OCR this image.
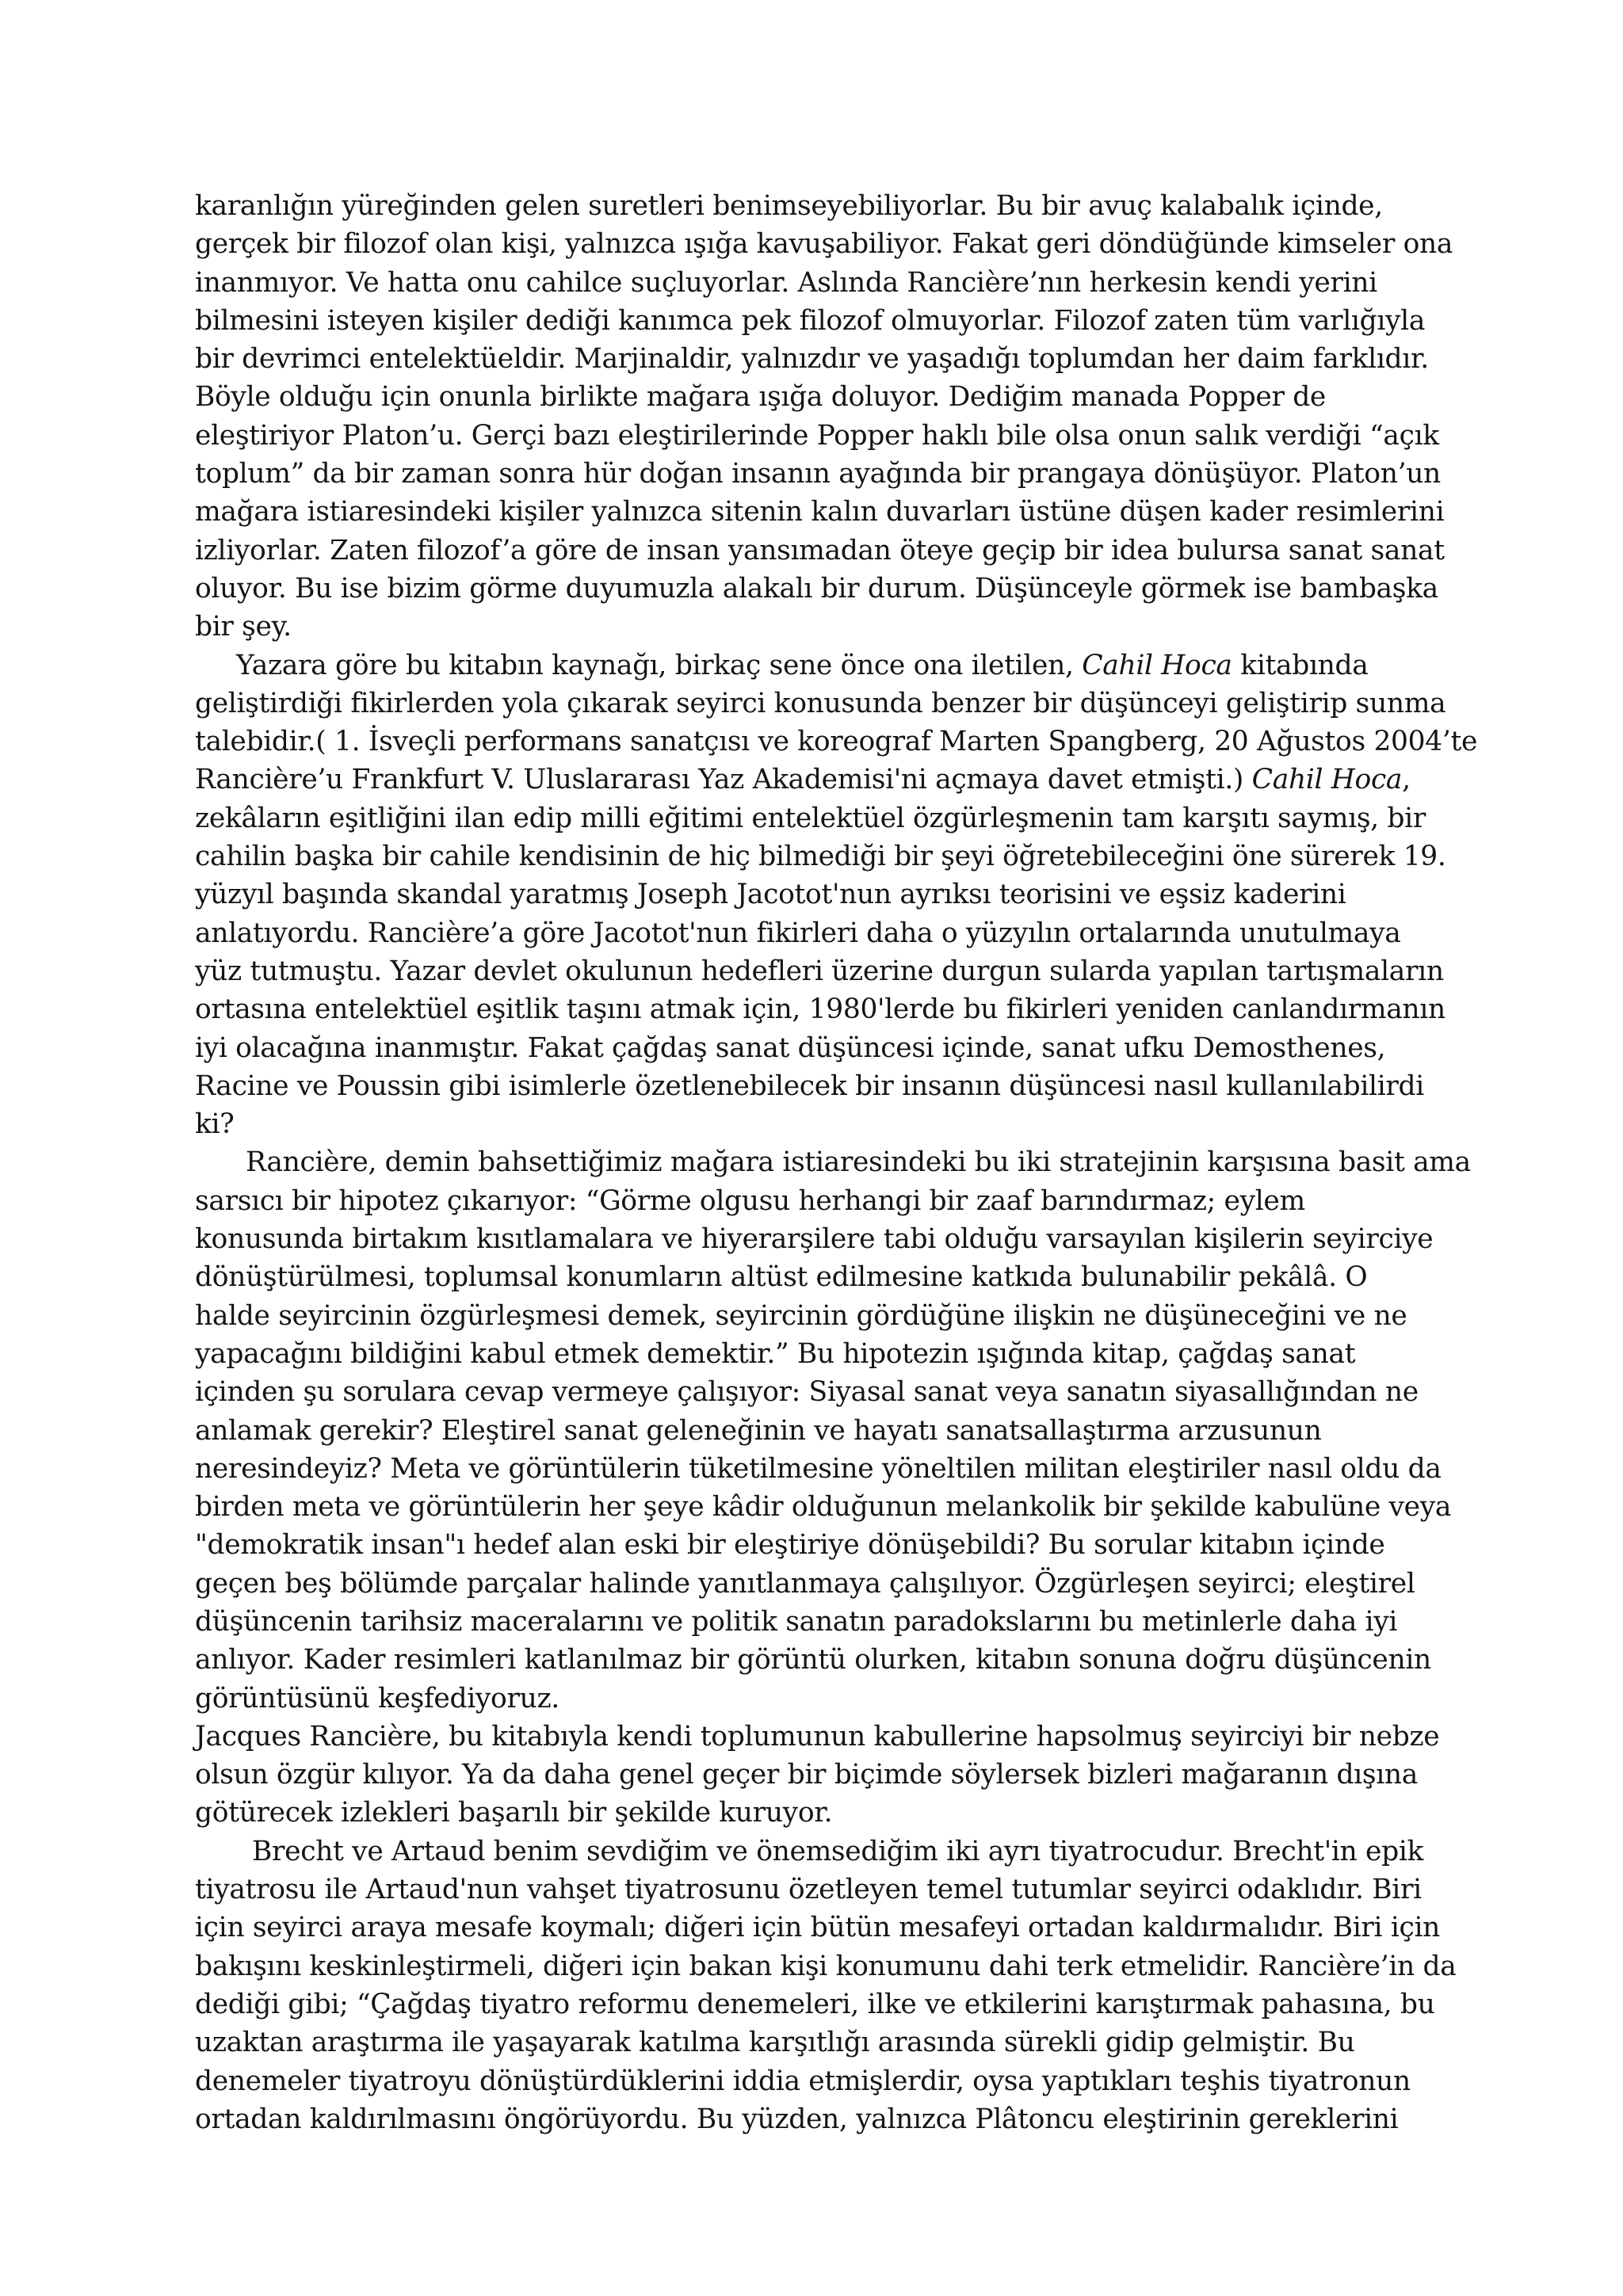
karanlığın yüreğinden gelen suretleri benimseyebiliyorlar. Bu bir avuç kalabalık içinde,
gerçek bir filozof olan kişi, yalnızca ışığa kavuşabiliyor. Fakat geri döndüğünde kimseler ona
inanmıyor. Ve hatta onu cahilce suçluyorlar. Aslında Rancière’nın herkesin kendi yerini
bilmesini isteyen kişiler dediği kanımca pek filozof olmuyorlar. Filozof zaten tüm varlığıyla
bir devrimci entelektüeldir. Marjinaldir, yalnızdır ve yaşadığı toplumdan her daim farklıdır.
Böyle olduğu için onunla birlikte mağara ışığa doluyor. Dediğim manada Popper de
eleştiriyor Platon’u. Gerçi bazı eleştirilerinde Popper haklı bile olsa onun salık verdiği “açık
toplum” da bir zaman sonra hür doğan insanın ayağında bir prangaya dönüşüyor. Platon’un
mağara istiaresindeki kişiler yalnızca sitenin kalın duvarları üstüne düşen kader resimlerini
izliyorlar. Zaten filozof’a göre de insan yansımadan öteye geçip bir idea bulursa sanat sanat
oluyor. Bu ise bizim görme duyumuzla alakalı bir durum. Düşünceyle görmek ise bambaşka
bir şey.
Yazara göre bu kitabın kaynağı, birkaç sene önce ona iletilen, Cahil Hoca kitabında
geliştirdiği fikirlerden yola çıkarak seyirci konusunda benzer bir düşünceyi geliştirip sunma
talebidir.( 1. İsveçli performans sanatçısı ve koreograf Marten Spangberg, 20 Ağustos 2004’te
Rancière’u Frankfurt V. Uluslararası Yaz Akademisi'ni açmaya davet etmişti.) Cahil Hoca,
zekâların eşitliğini ilan edip milli eğitimi entelektüel özgürleşmenin tam karşıtı saymış, bir
cahilin başka bir cahile kendisinin de hiç bilmediği bir şeyi öğretebileceğini öne sürerek 19.
yüzyıl başında skandal yaratmış Joseph Jacotot'nun ayrıksı teorisini ve eşsiz kaderini
anlatıyordu. Rancière’a göre Jacotot'nun fikirleri daha o yüzyılın ortalarında unutulmaya
yüz tutmuştu. Yazar devlet okulunun hedefleri üzerine durgun sularda yapılan tartışmaların
ortasına entelektüel eşitlik taşını atmak için, 1980'lerde bu fikirleri yeniden canlandırmanın
iyi olacağına inanmıştır. Fakat çağdaş sanat düşüncesi içinde, sanat ufku Demosthenes,
Racine ve Poussin gibi isimlerle özetlenebilecek bir insanın düşüncesi nasıl kullanılabilirdi
ki?
Rancière, demin bahsettiğimiz mağara istiaresindeki bu iki stratejinin karşısına basit ama
sarsıcı bir hipotez çıkarıyor: “Görme olgusu herhangi bir zaaf barındırmaz; eylem
konusunda birtakım kısıtlamalara ve hiyerarşilere tabi olduğu varsayılan kişilerin seyirciye
dönüştürülmesi, toplumsal konumların altüst edilmesine katkıda bulunabilir pekâlâ. O
halde seyircinin özgürleşmesi demek, seyircinin gördüğüne ilişkin ne düşüneceğini ve ne
yapacağını bildiğini kabul etmek demektir.” Bu hipotezin ışığında kitap, çağdaş sanat
içinden şu sorulara cevap vermeye çalışıyor: Siyasal sanat veya sanatın siyasallığından ne
anlamak gerekir? Eleştirel sanat geleneğinin ve hayatı sanatsallaştırma arzusunun
neresindeyiz? Meta ve görüntülerin tüketilmesine yöneltilen militan eleştiriler nasıl oldu da
birden meta ve görüntülerin her şeye kâdir olduğunun melankolik bir şekilde kabulüne veya
"demokratik insan"ı hedef alan eski bir eleştiriye dönüşebildi? Bu sorular kitabın içinde
geçen beş bölümde parçalar halinde yanıtlanmaya çalışılıyor. Özgürleşen seyirci; eleştirel
düşüncenin tarihsiz maceralarını ve politik sanatın paradokslarını bu metinlerle daha iyi
anlıyor. Kader resimleri katlanılmaz bir görüntü olurken, kitabın sonuna doğru düşüncenin
görüntüsünü keşfediyoruz.
Jacques Rancière, bu kitabıyla kendi toplumunun kabullerine hapsolmuş seyirciyi bir nebze
olsun özgür kılıyor. Ya da daha genel geçer bir biçimde söylersek bizleri mağaranın dışına
götürecek izlekleri başarılı bir şekilde kuruyor.
Brecht ve Artaud benim sevdiğim ve önemsediğim iki ayrı tiyatrocudur. Brecht'in epik
tiyatrosu ile Artaud'nun vahşet tiyatrosunu özetleyen temel tutumlar seyirci odaklıdır. Biri
için seyirci araya mesafe koymalı; diğeri için bütün mesafeyi ortadan kaldırmalıdır. Biri için
bakışını keskinleştirmeli, diğeri için bakan kişi konumunu dahi terk etmelidir. Rancière’in da
dediği gibi; “Çağdaş tiyatro reformu denemeleri, ilke ve etkilerini karıştırmak pahasına, bu
uzaktan araştırma ile yaşayarak katılma karşıtlığı arasında sürekli gidip gelmiştir. Bu
denemeler tiyatroyu dönüştürdüklerini iddia etmişlerdir, oysa yaptıkları teşhis tiyatronun
ortadan kaldırılmasını öngörüyordu. Bu yüzden, yalnızca Plâtoncu eleştirinin gereklerini
